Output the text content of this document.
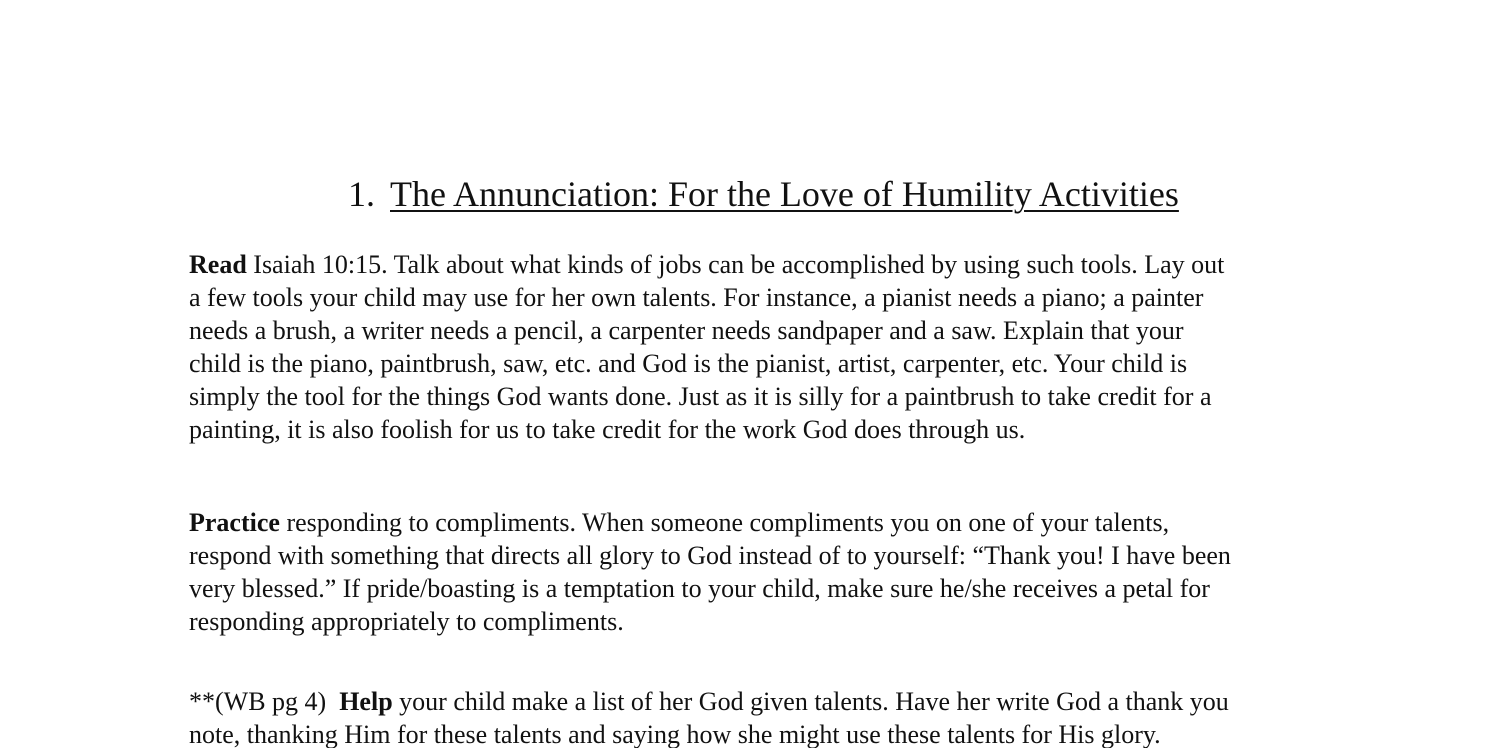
1. The Annunciation: For the Love of Humility Activities
Read Isaiah 10:15. Talk about what kinds of jobs can be accomplished by using such tools. Lay out
a few tools your child may use for her own talents. For instance, a pianist needs a piano; a painter
needs a brush, a writer needs a pencil, a carpenter needs sandpaper and a saw. Explain that your
child is the piano, paintbrush, saw, etc. and God is the pianist, artist, carpenter, etc. Your child is
simply the tool for the things God wants done. Just as it is silly for a paintbrush to take credit for a
painting, it is also foolish for us to take credit for the work God does through us.
Practice responding to compliments. When someone compliments you on one of your talents,
respond with something that directs all glory to God instead of to yourself: “Thank you! I have been
very blessed.” If pride/boasting is a temptation to your child, make sure he/she receives a petal for
responding appropriately to compliments.
**(WB pg 4)  Help your child make a list of her God given talents. Have her write God a thank you
note, thanking Him for these talents and saying how she might use these talents for His glory.
